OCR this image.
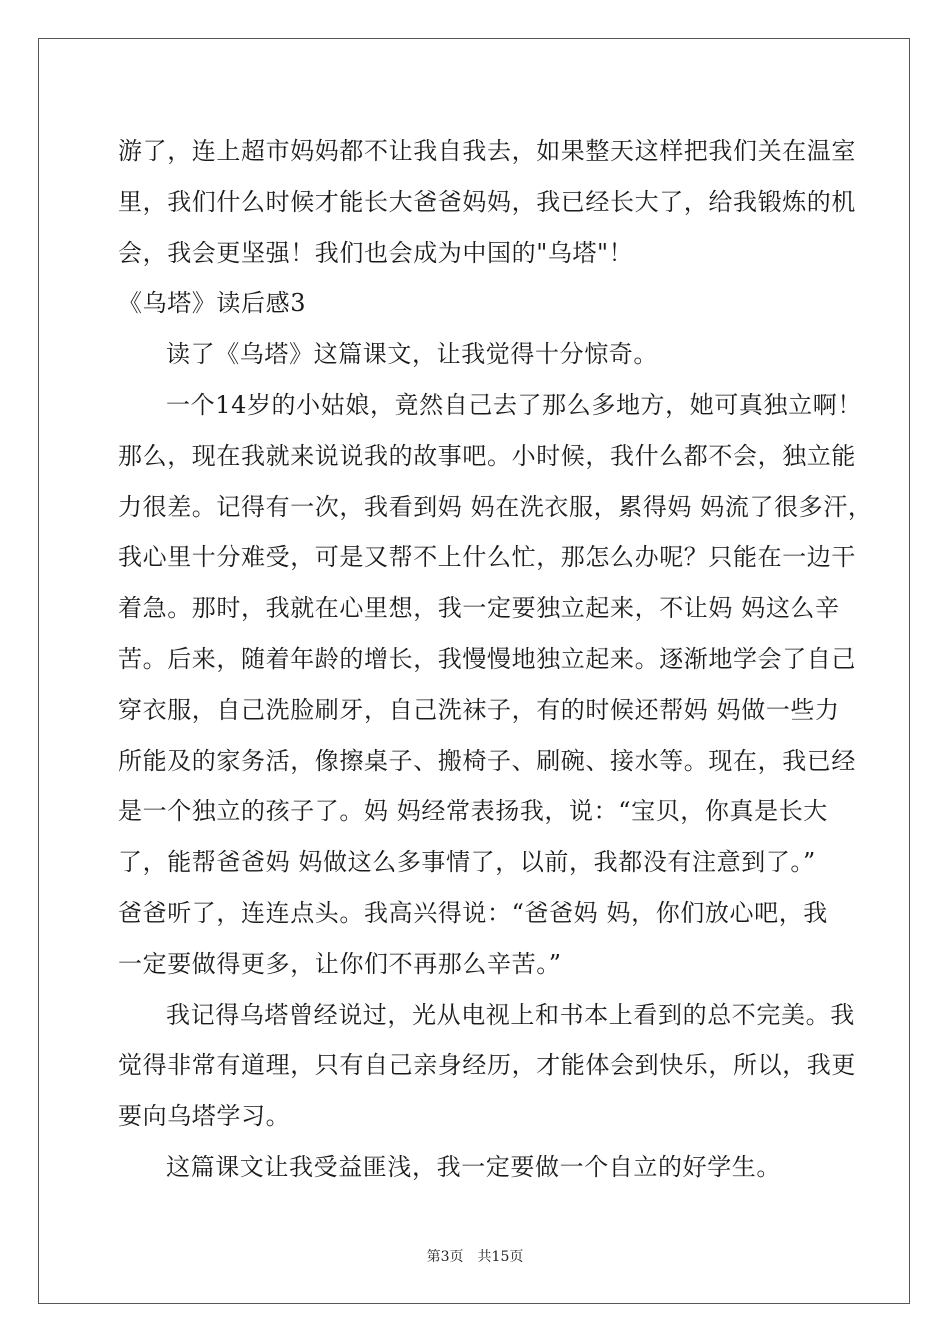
游了，连上超市妈妈都不让我自我去，如果整天这样把我们关在温室
里，我们什么时候才能长大爸爸妈妈，我已经长大了，给我锻炼的机
会，我会更坚强！我们也会成为中国的"乌塔"！
《乌塔》读后感3
读了《乌塔》这篇课文，让我觉得十分惊奇。
一个14岁的小姑娘，竟然自己去了那么多地方，她可真独立啊！
那么，现在我就来说说我的故事吧。小时候，我什么都不会，独立能
力很差。记得有一次，我看到妈 妈在洗衣服，累得妈 妈流了很多汗，
我心里十分难受，可是又帮不上什么忙，那怎么办呢？只能在一边干
着急。那时，我就在心里想，我一定要独立起来，不让妈 妈这么辛
苦。后来，随着年龄的增长，我慢慢地独立起来。逐渐地学会了自己
穿衣服，自己洗脸刷牙，自己洗袜子，有的时候还帮妈 妈做一些力
所能及的家务活，像擦桌子、搬椅子、刷碗、接水等。现在，我已经
是一个独立的孩子了。妈 妈经常表扬我，说：“宝贝，你真是长大
了，能帮爸爸妈 妈做这么多事情了，以前，我都没有注意到了。”
爸爸听了，连连点头。我高兴得说：“爸爸妈 妈，你们放心吧，我
一定要做得更多，让你们不再那么辛苦。”
我记得乌塔曾经说过，光从电视上和书本上看到的总不完美。我
觉得非常有道理，只有自己亲身经历，才能体会到快乐，所以，我更
要向乌塔学习。
这篇课文让我受益匪浅，我一定要做一个自立的好学生。
第3页 共15页
